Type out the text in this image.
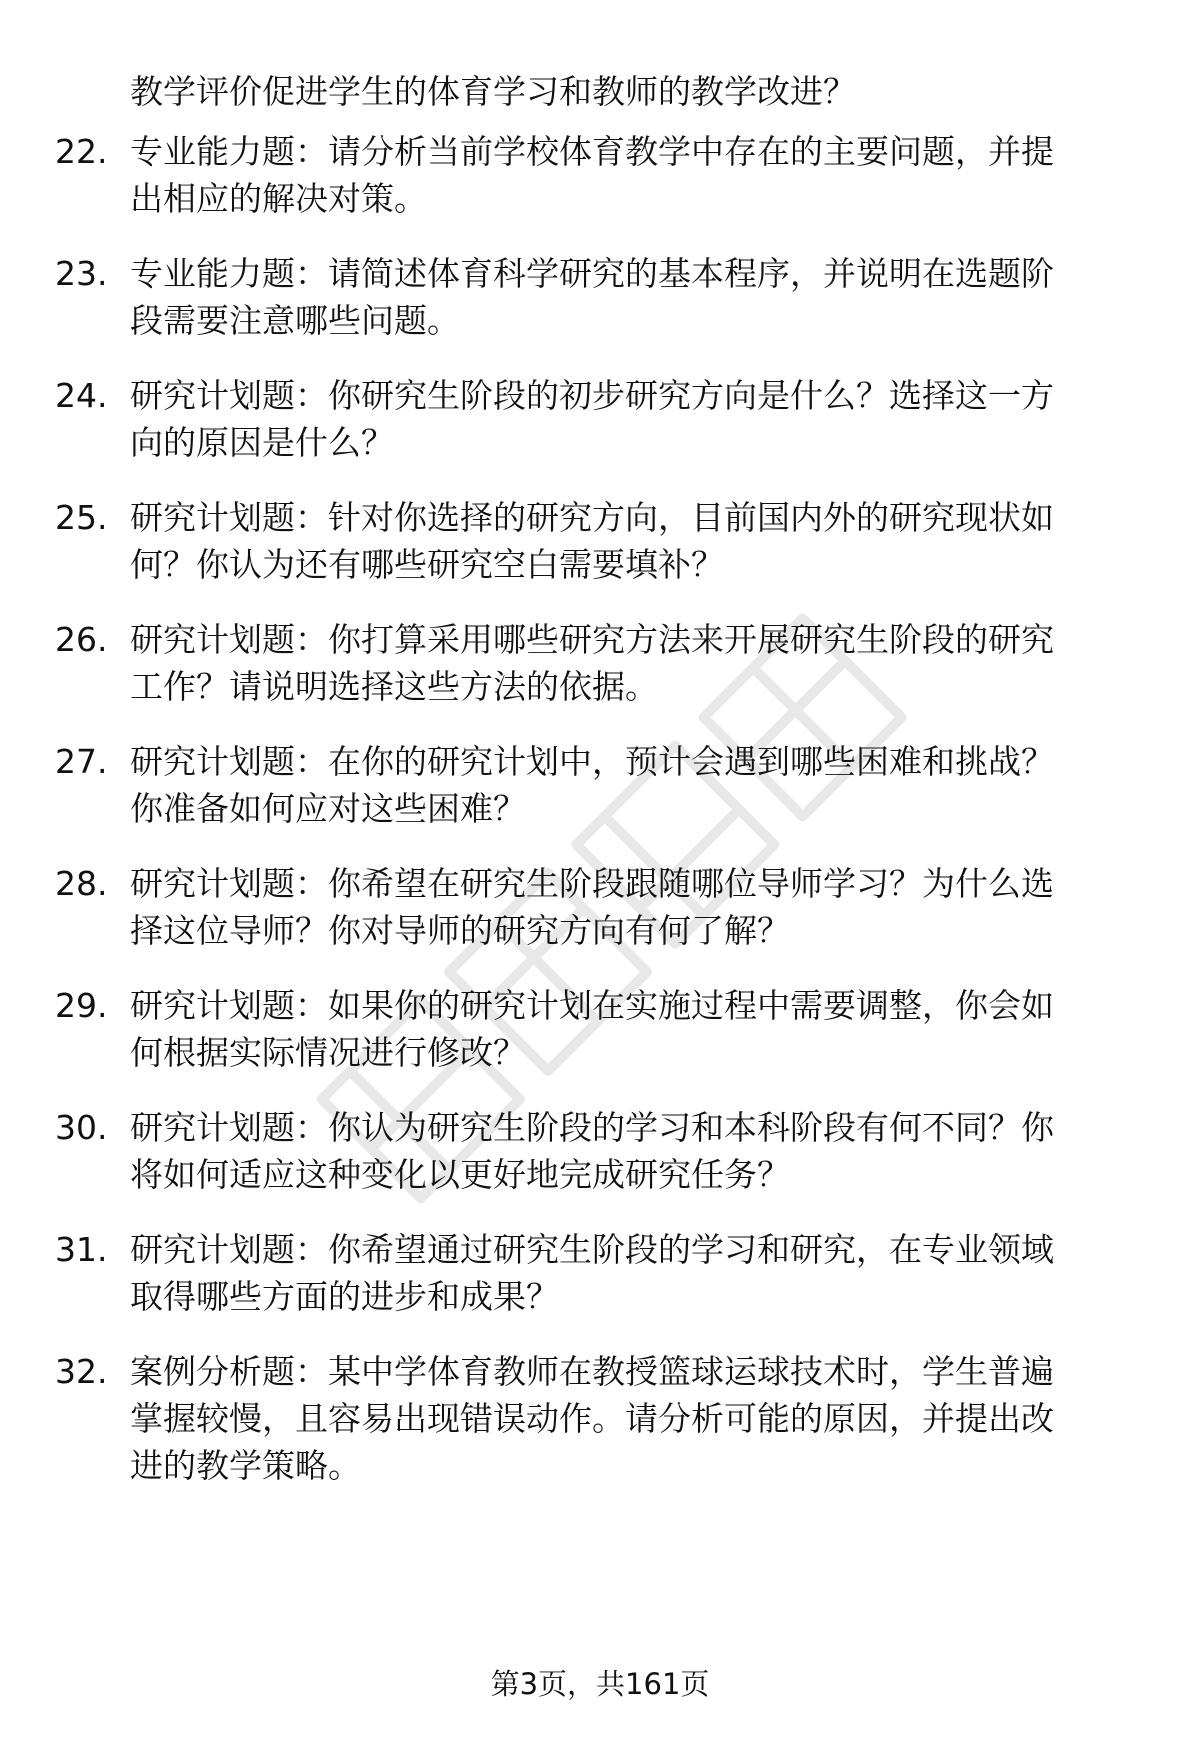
教学评价促进学生的体育学习和教师的教学改进？
22. 专业能力题：请分析当前学校体育教学中存在的主要问题，并提
出相应的解决对策。
23. 专业能力题：请简述体育科学研究的基本程序，并说明在选题阶
段需要注意哪些问题。
24. 研究计划题：你研究生阶段的初步研究方向是什么？选择这一方
向的原因是什么？
25. 研究计划题：针对你选择的研究方向，目前国内外的研究现状如
何？你认为还有哪些研究空白需要填补？
26. 研究计划题：你打算采用哪些研究方法来开展研究生阶段的研究
工作？请说明选择这些方法的依据。
27. 研究计划题：在你的研究计划中，预计会遇到哪些困难和挑战？
你准备如何应对这些困难？
28. 研究计划题：你希望在研究生阶段跟随哪位导师学习？为什么选
择这位导师？你对导师的研究方向有何了解？
29. 研究计划题：如果你的研究计划在实施过程中需要调整，你会如
何根据实际情况进行修改？
30. 研究计划题：你认为研究生阶段的学习和本科阶段有何不同？你
将如何适应这种变化以更好地完成研究任务？
31. 研究计划题：你希望通过研究生阶段的学习和研究，在专业领域
取得哪些方面的进步和成果？
32. 案例分析题：某中学体育教师在教授篮球运球技术时，学生普遍
掌握较慢，且容易出现错误动作。请分析可能的原因，并提出改
进的教学策略。
第3页，共161页
